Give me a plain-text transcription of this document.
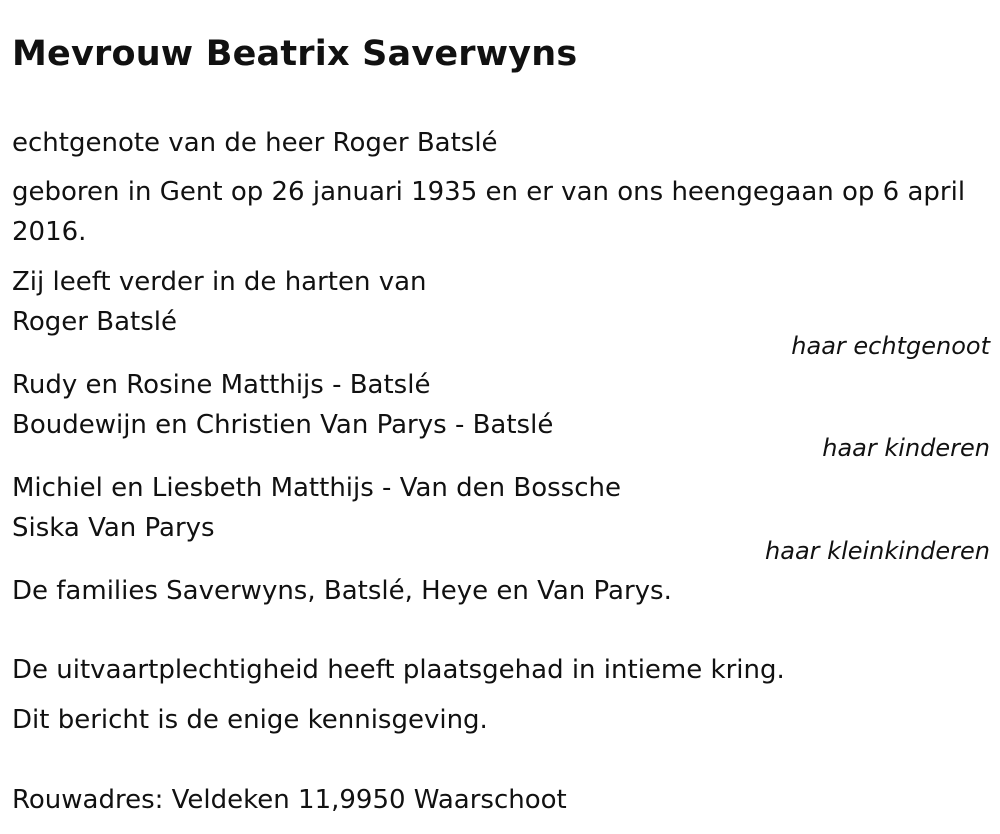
Mevrouw Beatrix Saverwyns
echtgenote van de heer Roger Batslé
geboren in Gent op 26 januari 1935 en er van ons heengegaan op 6 april 2016.
Zij leeft verder in de harten van
Roger Batslé
haar echtgenoot
Rudy en Rosine Matthijs - Batslé
Boudewijn en Christien Van Parys - Batslé
haar kinderen
Michiel en Liesbeth Matthijs - Van den Bossche
Siska Van Parys
haar kleinkinderen
De families Saverwyns, Batslé, Heye en Van Parys.
De uitvaartplechtigheid heeft plaatsgehad in intieme kring.
Dit bericht is de enige kennisgeving.
Rouwadres: Veldeken 11,9950 Waarschoot
